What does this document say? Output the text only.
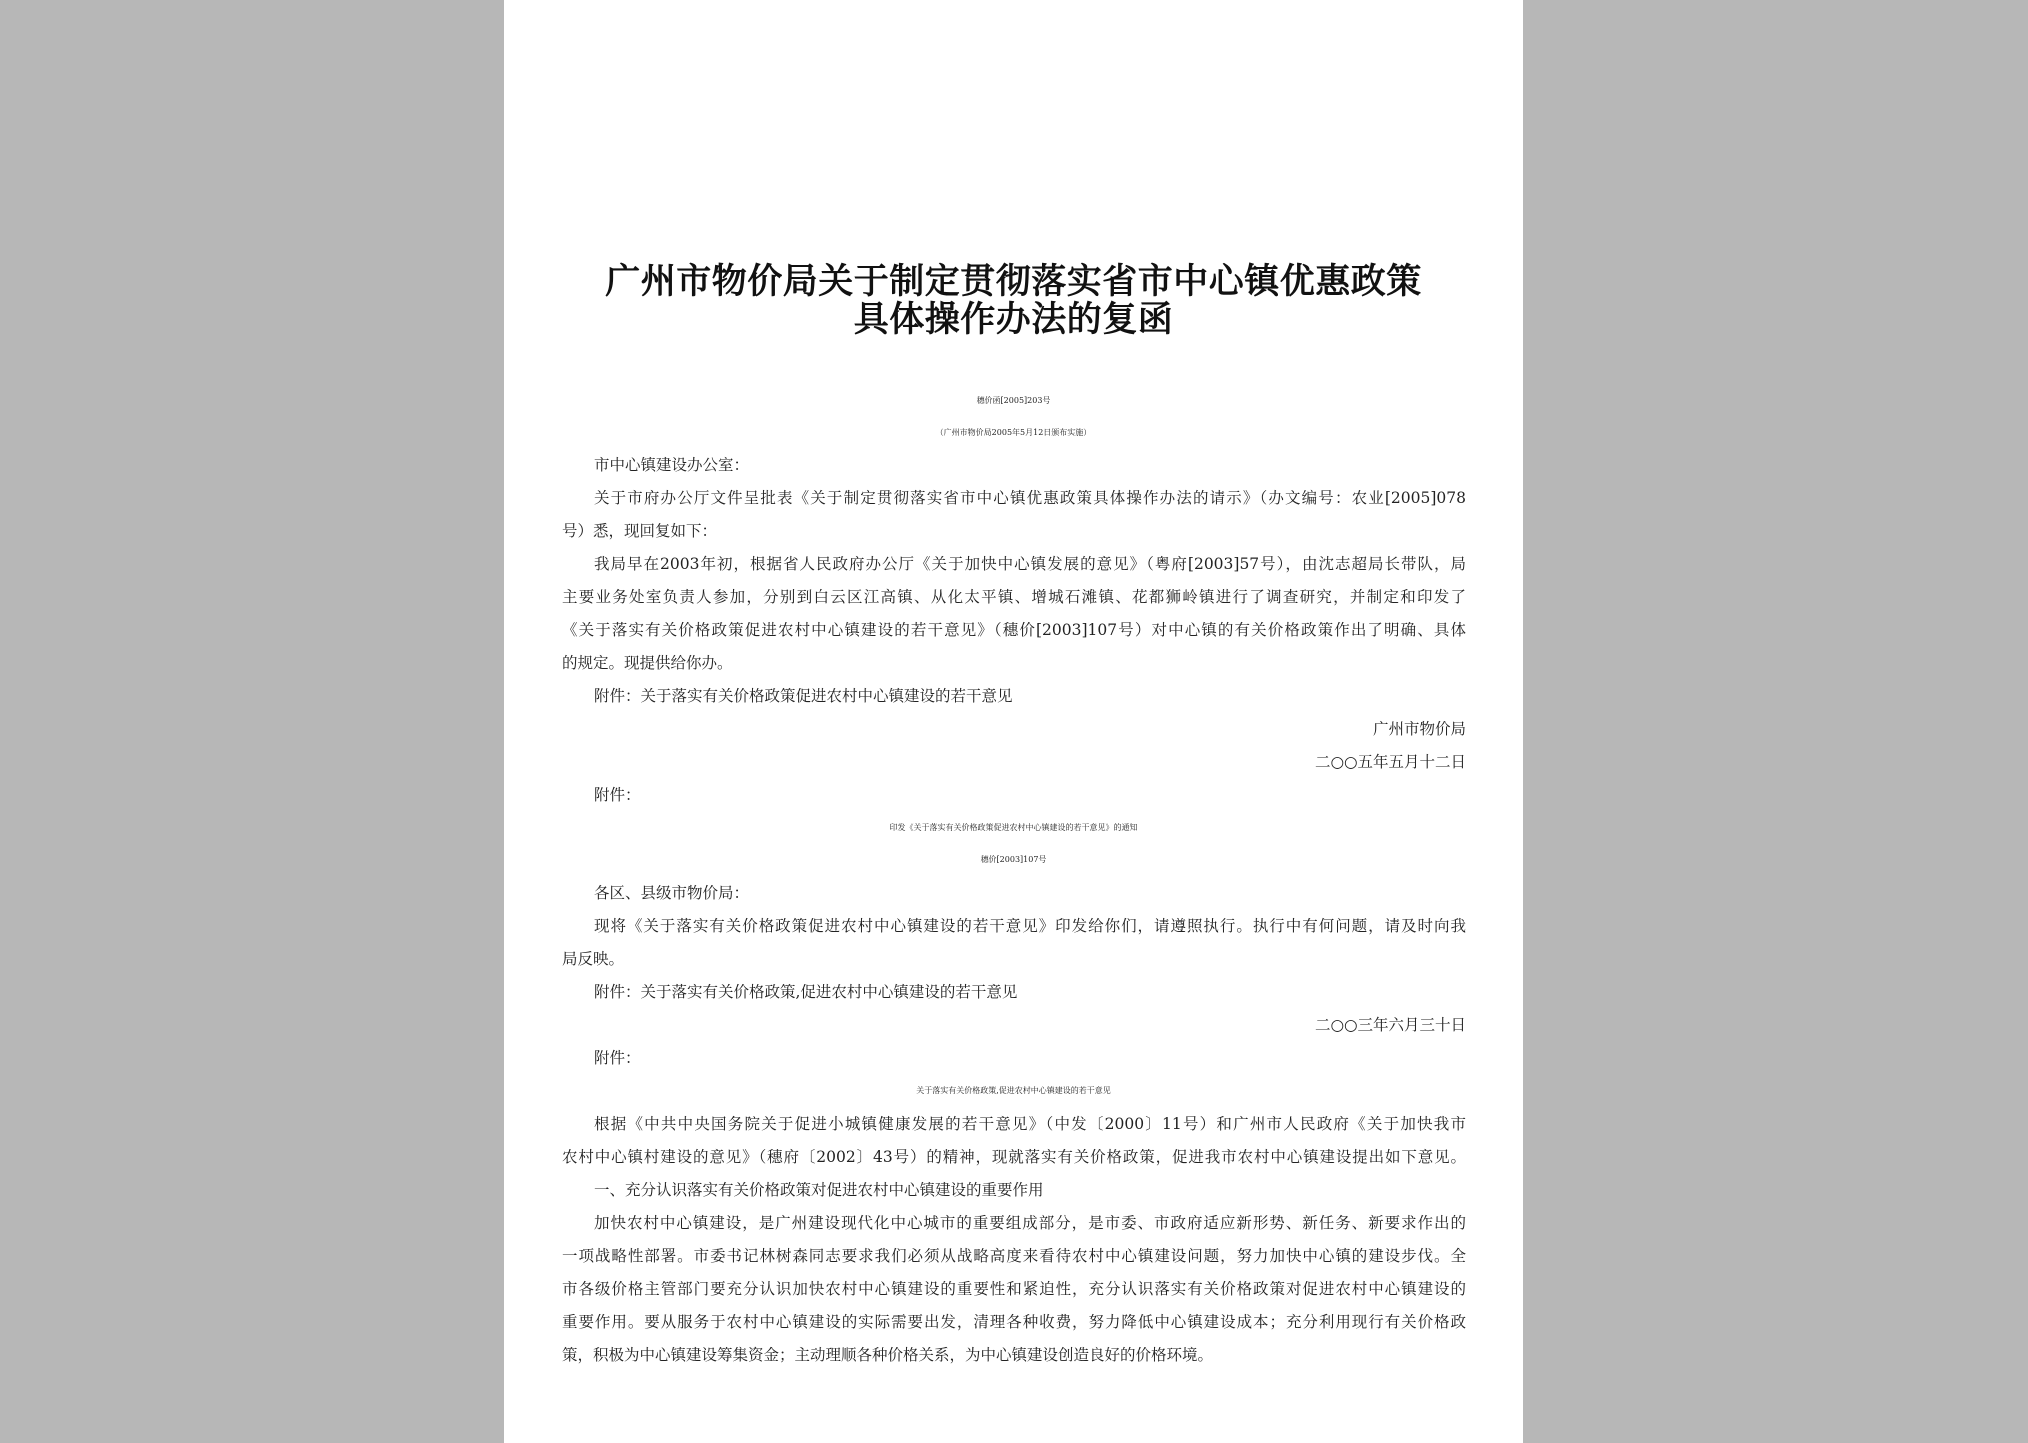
广州市物价局关于制定贯彻落实省市中心镇优惠政策
具体操作办法的复函
穗价函[2005]203号
（广州市物价局2005年5月12日颁布实施）
市中心镇建设办公室：
关于市府办公厅文件呈批表《关于制定贯彻落实省市中心镇优惠政策具体操作办法的请示》（办文编号：农业[2005]078
号）悉，现回复如下：
我局早在2003年初，根据省人民政府办公厅《关于加快中心镇发展的意见》（粤府[2003]57号），由沈志超局长带队，局
主要业务处室负责人参加，分别到白云区江高镇、从化太平镇、增城石滩镇、花都狮岭镇进行了调查研究，并制定和印发了
《关于落实有关价格政策促进农村中心镇建设的若干意见》（穗价[2003]107号）对中心镇的有关价格政策作出了明确、具体
的规定。现提供给你办。
附件：关于落实有关价格政策促进农村中心镇建设的若干意见
广州市物价局
二○○五年五月十二日
附件：
印发《关于落实有关价格政策促进农村中心镇建设的若干意见》的通知
穗价[2003]107号
各区、县级市物价局：
现将《关于落实有关价格政策促进农村中心镇建设的若干意见》印发给你们，请遵照执行。执行中有何问题，请及时向我
局反映。
附件：关于落实有关价格政策,促进农村中心镇建设的若干意见
二○○三年六月三十日
附件：
关于落实有关价格政策,促进农村中心镇建设的若干意见
根据《中共中央国务院关于促进小城镇健康发展的若干意见》（中发〔2000〕11号）和广州市人民政府《关于加快我市
农村中心镇村建设的意见》（穗府〔2002〕43号）的精神，现就落实有关价格政策，促进我市农村中心镇建设提出如下意见。
一、充分认识落实有关价格政策对促进农村中心镇建设的重要作用
加快农村中心镇建设，是广州建设现代化中心城市的重要组成部分，是市委、市政府适应新形势、新任务、新要求作出的
一项战略性部署。市委书记林树森同志要求我们必须从战略高度来看待农村中心镇建设问题，努力加快中心镇的建设步伐。全
市各级价格主管部门要充分认识加快农村中心镇建设的重要性和紧迫性，充分认识落实有关价格政策对促进农村中心镇建设的
重要作用。要从服务于农村中心镇建设的实际需要出发，清理各种收费，努力降低中心镇建设成本；充分利用现行有关价格政
策，积极为中心镇建设筹集资金；主动理顺各种价格关系，为中心镇建设创造良好的价格环境。
